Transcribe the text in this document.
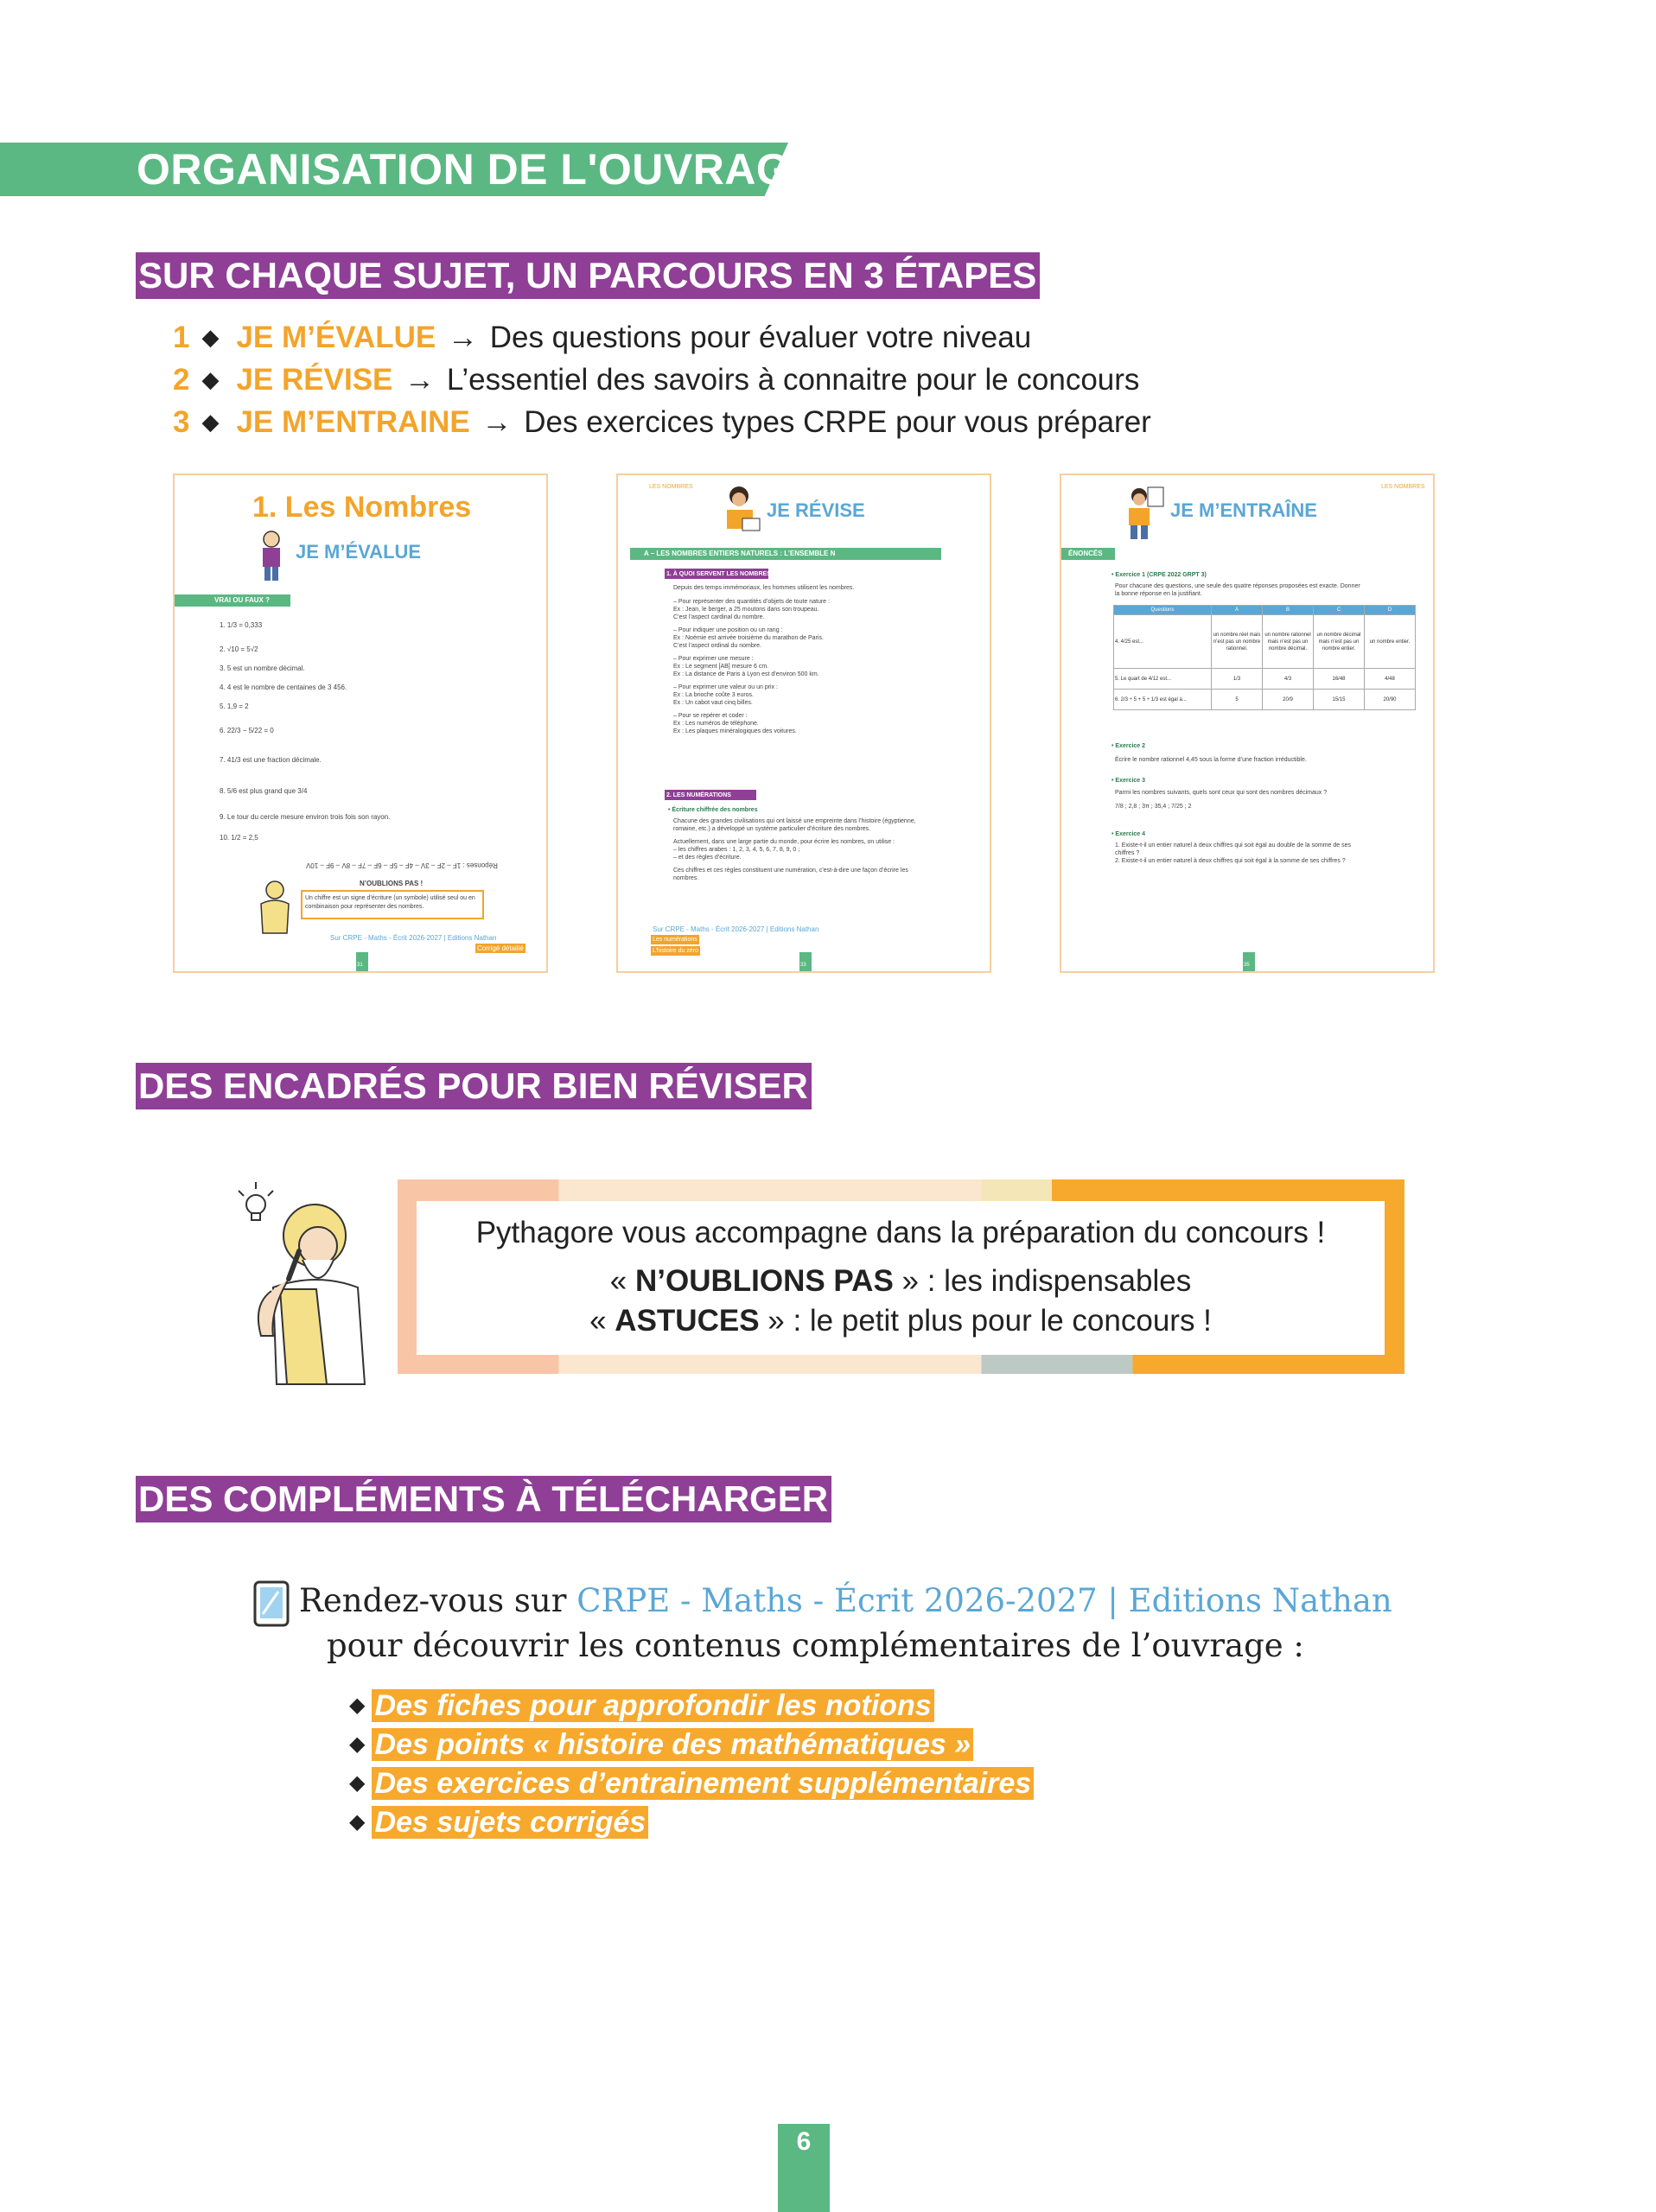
ORGANISATION DE L'OUVRAGE
SUR CHAQUE SUJET, UN PARCOURS EN 3 ÉTAPES
1 ◆ JE M’ÉVALUE → Des questions pour évaluer votre niveau
2 ◆ JE RÉVISE → L’essentiel des savoirs à connaitre pour le concours
3 ◆ JE M’ENTRAINE → Des exercices types CRPE pour vous préparer
1. Les Nombres
JE M’ÉVALUE
VRAI OU FAUX ?
1. 1/3 = 0,333
2. √10 = 5√2
3. 5 est un nombre décimal.
4. 4 est le nombre de centaines de 3 456.
5. 1,9 = 2
6. 22/3 − 5/22 = 0
7. 41/3 est une fraction décimale.
8. 5/6 est plus grand que 3/4
9. Le tour du cercle mesure environ trois fois son rayon.
10. 1/2 = 2,5
Réponses : 1F – 2F – 3V – 4F – 5F – 6F – 7F – 8V – 9F – 10V
N’OUBLIONS PAS !
Un chiffre est un signe d’écriture (un symbole) utilisé seul ou en combinaison pour représenter des nombres.
Sur CRPE - Maths - Écrit 2026-2027 | Editions Nathan
Corrigé détaillé
31
LES NOMBRES
JE RÉVISE
A – LES NOMBRES ENTIERS NATURELS : L’ENSEMBLE N
1. À QUOI SERVENT LES NOMBRES ?
Depuis des temps immémoriaux, les hommes utilisent les nombres.
– Pour représenter des quantités d’objets de toute nature :
Ex : Jean, le berger, a 25 moutons dans son troupeau.
C’est l’aspect cardinal du nombre.
– Pour indiquer une position ou un rang :
Ex : Noémie est arrivée troisième du marathon de Paris.
C’est l’aspect ordinal du nombre.
– Pour exprimer une mesure :
Ex : Le segment [AB] mesure 6 cm.
Ex : La distance de Paris à Lyon est d’environ 500 km.
– Pour exprimer une valeur ou un prix :
Ex : La brioche coûte 3 euros.
Ex : Un cabot vaut cinq billes.
– Pour se repérer et coder :
Ex : Les numéros de téléphone.
Ex : Les plaques minéralogiques des voitures.
2. LES NUMÉRATIONS
• Écriture chiffrée des nombres
Chacune des grandes civilisations qui ont laissé une empreinte dans l’histoire (égyptienne,
romaine, etc.) a développé un système particulier d’écriture des nombres.
Actuellement, dans une large partie du monde, pour écrire les nombres, on utilise :
– les chiffres arabes : 1, 2, 3, 4, 5, 6, 7, 8, 9, 0 ;
– et des règles d’écriture.
Ces chiffres et ces règles constituent une numération, c’est-à-dire une façon d’écrire les
nombres.
Sur CRPE - Maths - Écrit 2026-2027 | Editions Nathan
Les numérations
L’histoire du zéro
33
LES NOMBRES
JE M’ENTRAÎNE
ÉNONCÉS
• Exercice 1 (CRPE 2022 GRPT 3)
Pour chacune des questions, une seule des quatre réponses proposées est exacte. Donner
la bonne réponse en la justifiant.
Questions	A	B	C	D
4. 4/25 est...	un nombre réel mais n’est pas un nombre rationnel.	un nombre rationnel mais n’est pas un nombre décimal.	un nombre décimal mais n’est pas un nombre entier.	un nombre entier.
5. Le quart de 4/12 est...	1/3	4/3	16/48	4/48
6. 2/3 ÷ 5 + 5 ÷ 1/3 est égal à...	5	20/9	15/15	20/90
• Exercice 2
Écrire le nombre rationnel 4,45 sous la forme d’une fraction irréductible.
• Exercice 3
Parmi les nombres suivants, quels sont ceux qui sont des nombres décimaux ?
7/8 ; 2,8 ; 3π ; 35,4 ; 7/25 ; 2
• Exercice 4
1. Existe-t-il un entier naturel à deux chiffres qui soit égal au double de la somme de ses
chiffres ?
2. Existe-t-il un entier naturel à deux chiffres qui soit égal à la somme de ses chiffres ?
35
DES ENCADRÉS POUR BIEN RÉVISER
Pythagore vous accompagne dans la préparation du concours !
« N’OUBLIONS PAS » : les indispensables
« ASTUCES » : le petit plus pour le concours !
DES COMPLÉMENTS À TÉLÉCHARGER
Rendez-vous sur CRPE - Maths - Écrit 2026-2027 | Editions Nathan
pour découvrir les contenus complémentaires de l’ouvrage :
◆ Des fiches pour approfondir les notions
◆ Des points « histoire des mathématiques »
◆ Des exercices d’entrainement supplémentaires
◆ Des sujets corrigés
6
